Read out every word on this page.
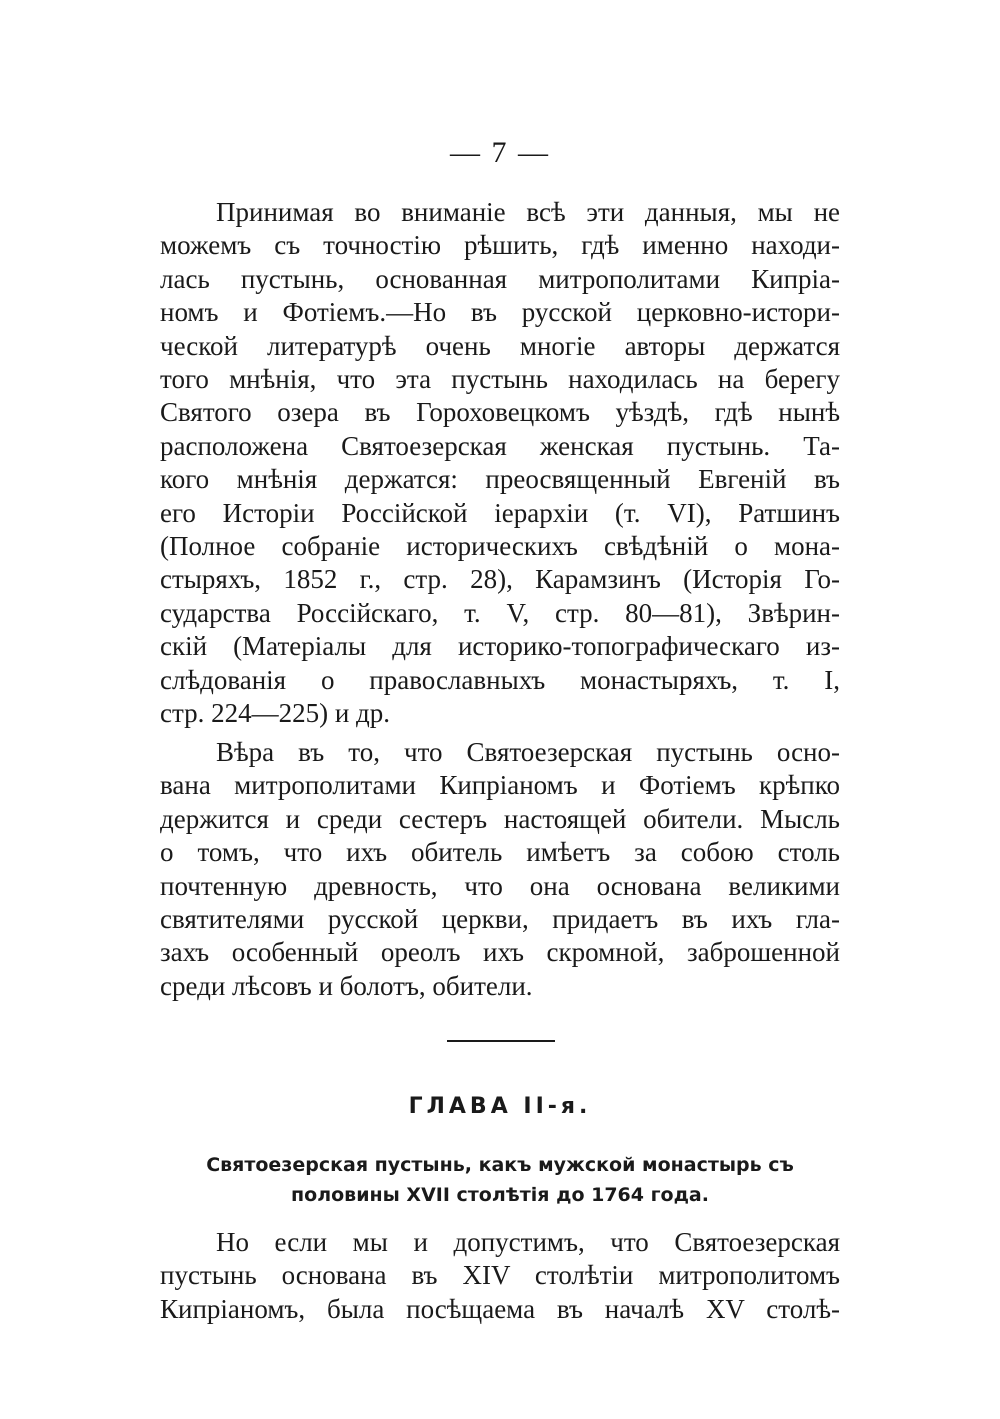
— 7 —
Принимая во вниманіе всѣ эти данныя, мы не
можемъ съ точностію рѣшить, гдѣ именно находи-
лась пустынь, основанная митрополитами Кипріа-
номъ и Фотіемъ.—Но въ русской церковно-истори-
ческой литературѣ очень многіе авторы держатся
того мнѣнія, что эта пустынь находилась на берегу
Святого озера въ Гороховецкомъ уѣздѣ, гдѣ нынѣ
расположена Святоезерская женская пустынь. Та-
кого мнѣнія держатся: преосвященный Евгеній въ
его Исторіи Россійской іерархіи (т. VI), Ратшинъ
(Полное собраніе историческихъ свѣдѣній о мона-
стыряхъ, 1852 г., стр. 28), Карамзинъ (Исторія Го-
сударства Россійскаго, т. V, стр. 80—81), Звѣрин-
скій (Матеріалы для историко-топографическаго из-
слѣдованія о православныхъ монастыряхъ, т. I,
стр. 224—225) и др.
Вѣра въ то, что Святоезерская пустынь осно-
вана митрополитами Кипріаномъ и Фотіемъ крѣпко
держится и среди сестеръ настоящей обители. Мысль
о томъ, что ихъ обитель имѣетъ за собою столь
почтенную древность, что она основана великими
святителями русской церкви, придаетъ въ ихъ гла-
захъ особенный ореолъ ихъ скромной, заброшенной
среди лѣсовъ и болотъ, обители.
ГЛАВА II-я.
Святоезерская пустынь, какъ мужской монастырь съ
половины XVII столѣтія до 1764 года.
Но если мы и допустимъ, что Святоезерская
пустынь основана въ XIV столѣтіи митрополитомъ
Кипріаномъ, была посѣщаема въ началѣ XV столѣ-
